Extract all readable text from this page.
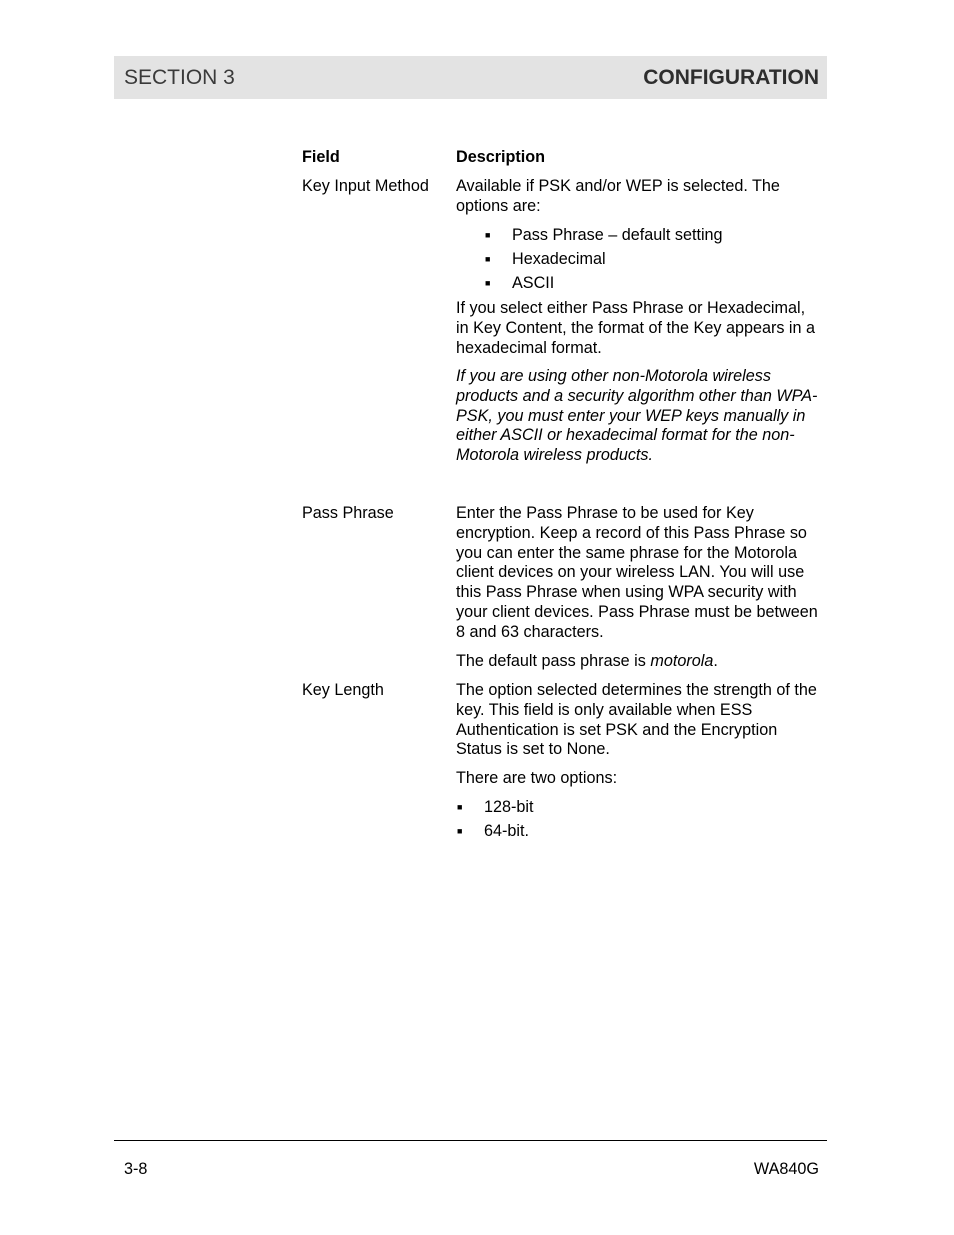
SECTION 3	CONFIGURATION
Field	Description
Key Input Method	Available if PSK and/or WEP is selected. The options are:
■ Pass Phrase – default setting
■ Hexadecimal
■ ASCII
If you select either Pass Phrase or Hexadecimal, in Key Content, the format of the Key appears in a hexadecimal format.
If you are using other non-Motorola wireless products and a security algorithm other than WPA-PSK, you must enter your WEP keys manually in either ASCII or hexadecimal format for the non-Motorola wireless products.
Pass Phrase	Enter the Pass Phrase to be used for Key encryption. Keep a record of this Pass Phrase so you can enter the same phrase for the Motorola client devices on your wireless LAN. You will use this Pass Phrase when using WPA security with your client devices. Pass Phrase must be between 8 and 63 characters.
The default pass phrase is motorola.
Key Length	The option selected determines the strength of the key. This field is only available when ESS Authentication is set PSK and the Encryption Status is set to None.
There are two options:
■ 128-bit
■ 64-bit.
3-8	WA840G
